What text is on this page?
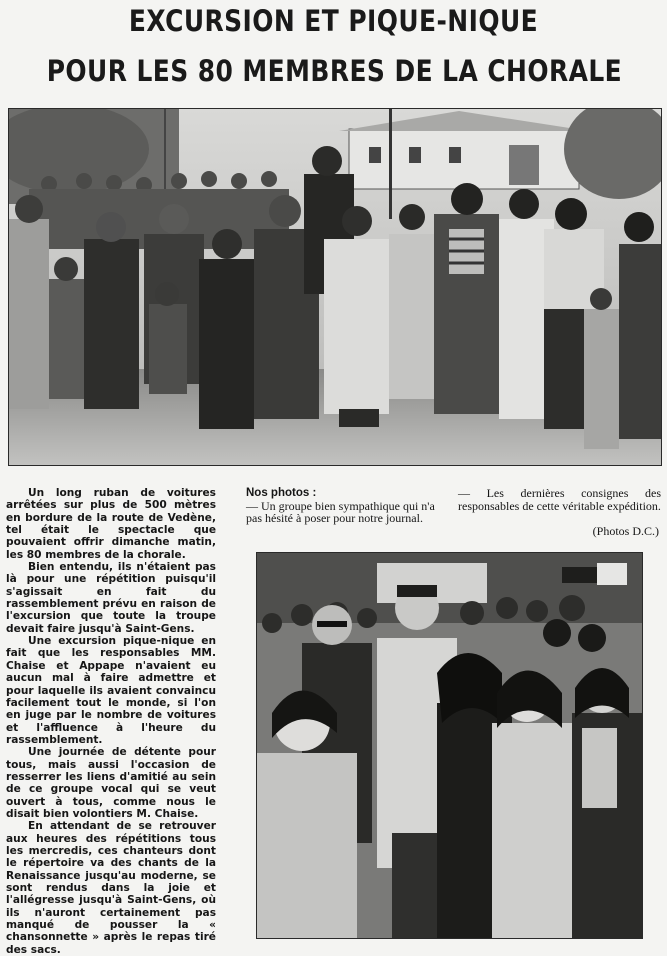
EXCURSION ET PIQUE-NIQUE
POUR LES 80 MEMBRES DE LA CHORALE

Un long ruban de voitures arrêtées sur plus de 500 mètres en bordure de la route de Vedène, tel était le spectacle que pouvaient offrir dimanche matin, les 80 membres de la chorale.

Bien entendu, ils n'étaient pas là pour une répétition puisqu'il s'agissait en fait du rassemblement prévu en raison de l'excursion que toute la troupe devait faire jusqu'à Saint-Gens.

Une excursion pique-nique en fait que les responsables MM. Chaise et Appape n'avaient eu aucun mal à faire admettre et pour laquelle ils avaient convaincu facilement tout le monde, si l'on en juge par le nombre de voitures et l'affluence à l'heure du rassemblement.

Une journée de détente pour tous, mais aussi l'occasion de resserrer les liens d'amitié au sein de ce groupe vocal qui se veut ouvert à tous, comme nous le disait bien volontiers M. Chaise.

En attendant de se retrouver aux heures des répétitions tous les mercredis, ces chanteurs dont le répertoire va des chants de la Renaissance jusqu'au moderne, se sont rendus dans la joie et l'allégresse jusqu'à Saint-Gens, où ils n'auront certainement pas manqué de pousser la « chansonnette » après le repas tiré des sacs.

Nos photos :
— Un groupe bien sympathique qui n'a pas hésité à poser pour notre journal.
— Les dernières consignes des responsables de cette véritable expédition.
(Photos D.C.)
